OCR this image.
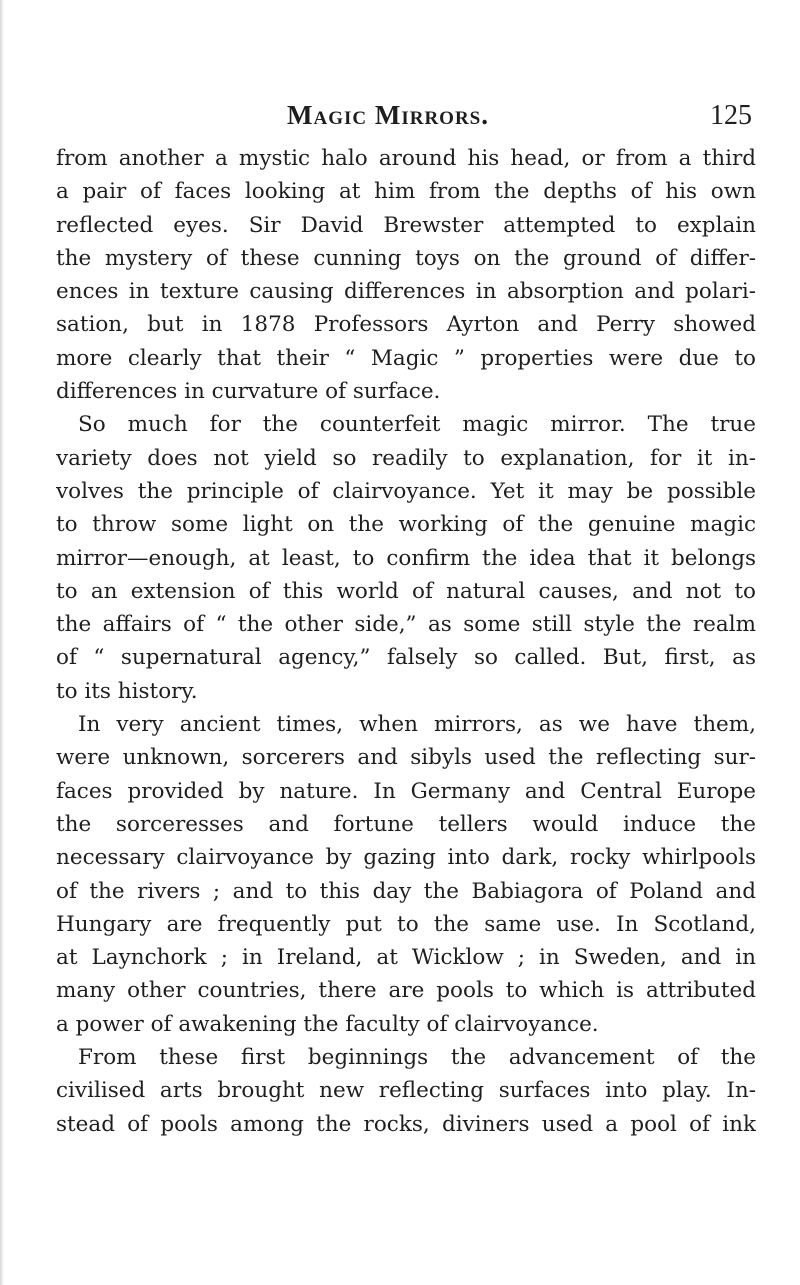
Magic Mirrors.	125
from another a mystic halo around his head, or from a third
a pair of faces looking at him from the depths of his own
reflected eyes. Sir David Brewster attempted to explain
the mystery of these cunning toys on the ground of differ-
ences in texture causing differences in absorption and polari-
sation, but in 1878 Professors Ayrton and Perry showed
more clearly that their “ Magic ” properties were due to
differences in curvature of surface.
So much for the counterfeit magic mirror. The true
variety does not yield so readily to explanation, for it in-
volves the principle of clairvoyance. Yet it may be possible
to throw some light on the working of the genuine magic
mirror—enough, at least, to confirm the idea that it belongs
to an extension of this world of natural causes, and not to
the affairs of “ the other side,” as some still style the realm
of “ supernatural agency,” falsely so called. But, first, as
to its history.
In very ancient times, when mirrors, as we have them,
were unknown, sorcerers and sibyls used the reflecting sur-
faces provided by nature. In Germany and Central Europe
the sorceresses and fortune tellers would induce the
necessary clairvoyance by gazing into dark, rocky whirlpools
of the rivers ; and to this day the Babiagora of Poland and
Hungary are frequently put to the same use. In Scotland,
at Laynchork ; in Ireland, at Wicklow ; in Sweden, and in
many other countries, there are pools to which is attributed
a power of awakening the faculty of clairvoyance.
From these first beginnings the advancement of the
civilised arts brought new reflecting surfaces into play. In-
stead of pools among the rocks, diviners used a pool of ink
